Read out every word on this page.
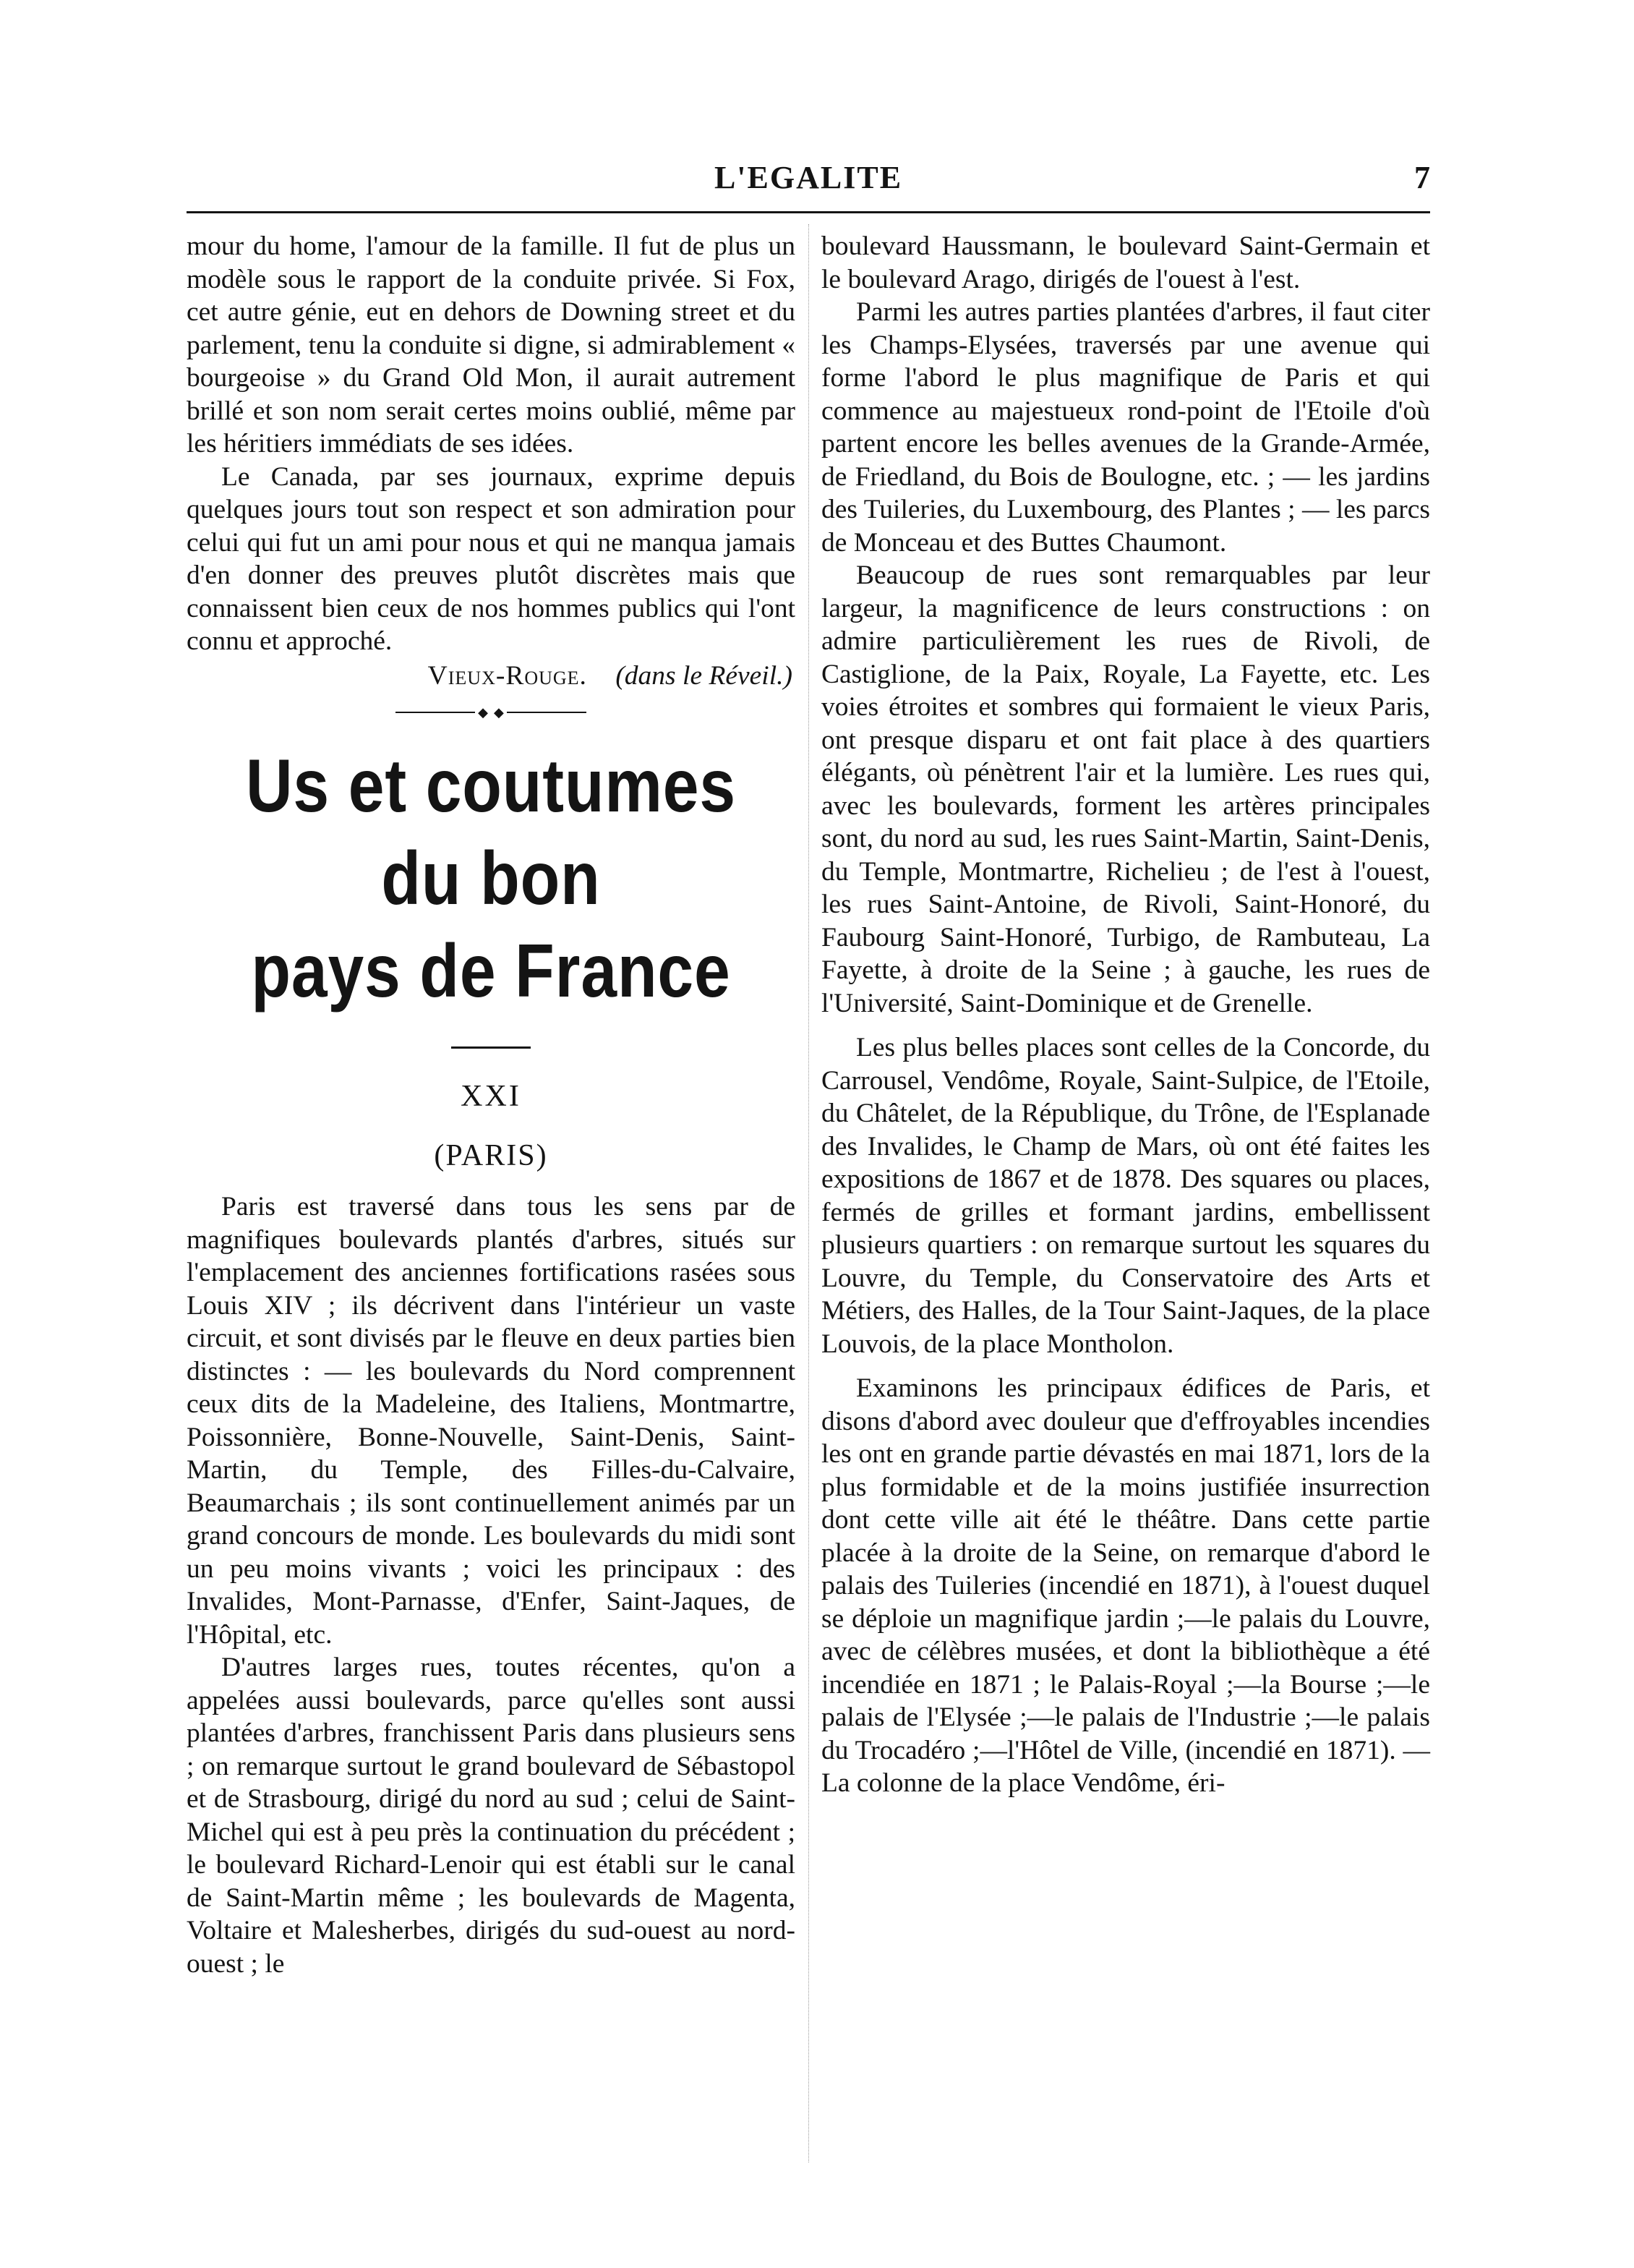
L'EGALITE	7

mour du home, l'amour de la famille. Il fut de plus un modèle sous le rapport de la conduite privée. Si Fox, cet autre génie, eut en dehors de Downing street et du parlement, tenu la conduite si digne, si admirablement « bourgeoise » du Grand Old Mon, il aurait autrement brillé et son nom serait certes moins oublié, même par les héritiers immédiats de ses idées.

Le Canada, par ses journaux, exprime depuis quelques jours tout son respect et son admiration pour celui qui fut un ami pour nous et qui ne manqua jamais d'en donner des preuves plutôt discrètes mais que connaissent bien ceux de nos hommes publics qui l'ont connu et approché.

Vieux-Rouge. (dans le Réveil.)

◆ ◆
Us et coutumes du bon
pays de France
XXI
(PARIS)

Paris est traversé dans tous les sens par de magnifiques boulevards plantés d'arbres, situés sur l'emplacement des anciennes fortifications rasées sous Louis XIV ; ils décrivent dans l'intérieur un vaste circuit, et sont divisés par le fleuve en deux parties bien distinctes : — les boulevards du Nord comprennent ceux dits de la Madeleine, des Italiens, Montmartre, Poissonnière, Bonne-Nouvelle, Saint-Denis, Saint-Martin, du Temple, des Filles-du-Calvaire, Beaumarchais ; ils sont continuellement animés par un grand concours de monde. Les boulevards du midi sont un peu moins vivants ; voici les principaux : des Invalides, Mont-Parnasse, d'Enfer, Saint-Jaques, de l'Hôpital, etc.

D'autres larges rues, toutes récentes, qu'on a appelées aussi boulevards, parce qu'elles sont aussi plantées d'arbres, franchissent Paris dans plusieurs sens ; on remarque surtout le grand boulevard de Sébastopol et de Strasbourg, dirigé du nord au sud ; celui de Saint-Michel qui est à peu près la continuation du précédent ; le boulevard Richard-Lenoir qui est établi sur le canal de Saint-Martin même ; les boulevards de Magenta, Voltaire et Malesherbes, dirigés du sud-ouest au nord-ouest ; le

boulevard Haussmann, le boulevard Saint-Germain et le boulevard Arago, dirigés de l'ouest à l'est.

Parmi les autres parties plantées d'arbres, il faut citer les Champs-Elysées, traversés par une avenue qui forme l'abord le plus magnifique de Paris et qui commence au majestueux rond-point de l'Etoile d'où partent encore les belles avenues de la Grande-Armée, de Friedland, du Bois de Boulogne, etc. ; — les jardins des Tuileries, du Luxembourg, des Plantes ; — les parcs de Monceau et des Buttes Chaumont.

Beaucoup de rues sont remarquables par leur largeur, la magnificence de leurs constructions : on admire particulièrement les rues de Rivoli, de Castiglione, de la Paix, Royale, La Fayette, etc. Les voies étroites et sombres qui formaient le vieux Paris, ont presque disparu et ont fait place à des quartiers élégants, où pénètrent l'air et la lumière. Les rues qui, avec les boulevards, forment les artères principales sont, du nord au sud, les rues Saint-Martin, Saint-Denis, du Temple, Montmartre, Richelieu ; de l'est à l'ouest, les rues Saint-Antoine, de Rivoli, Saint-Honoré, du Faubourg Saint-Honoré, Turbigo, de Rambuteau, La Fayette, à droite de la Seine ; à gauche, les rues de l'Université, Saint-Dominique et de Grenelle.

Les plus belles places sont celles de la Concorde, du Carrousel, Vendôme, Royale, Saint-Sulpice, de l'Etoile, du Châtelet, de la République, du Trône, de l'Esplanade des Invalides, le Champ de Mars, où ont été faites les expositions de 1867 et de 1878. Des squares ou places, fermés de grilles et formant jardins, embellissent plusieurs quartiers : on remarque surtout les squares du Louvre, du Temple, du Conservatoire des Arts et Métiers, des Halles, de la Tour Saint-Jaques, de la place Louvois, de la place Montholon.

Examinons les principaux édifices de Paris, et disons d'abord avec douleur que d'effroyables incendies les ont en grande partie dévastés en mai 1871, lors de la plus formidable et de la moins justifiée insurrection dont cette ville ait été le théâtre. Dans cette partie placée à la droite de la Seine, on remarque d'abord le palais des Tuileries (incendié en 1871), à l'ouest duquel se déploie un magnifique jardin ;—le palais du Louvre, avec de célèbres musées, et dont la bibliothèque a été incendiée en 1871 ; le Palais-Royal ;—la Bourse ;—le palais de l'Elysée ;—le palais de l'Industrie ;—le palais du Trocadéro ;—l'Hôtel de Ville, (incendié en 1871). — La colonne de la place Vendôme, éri-
